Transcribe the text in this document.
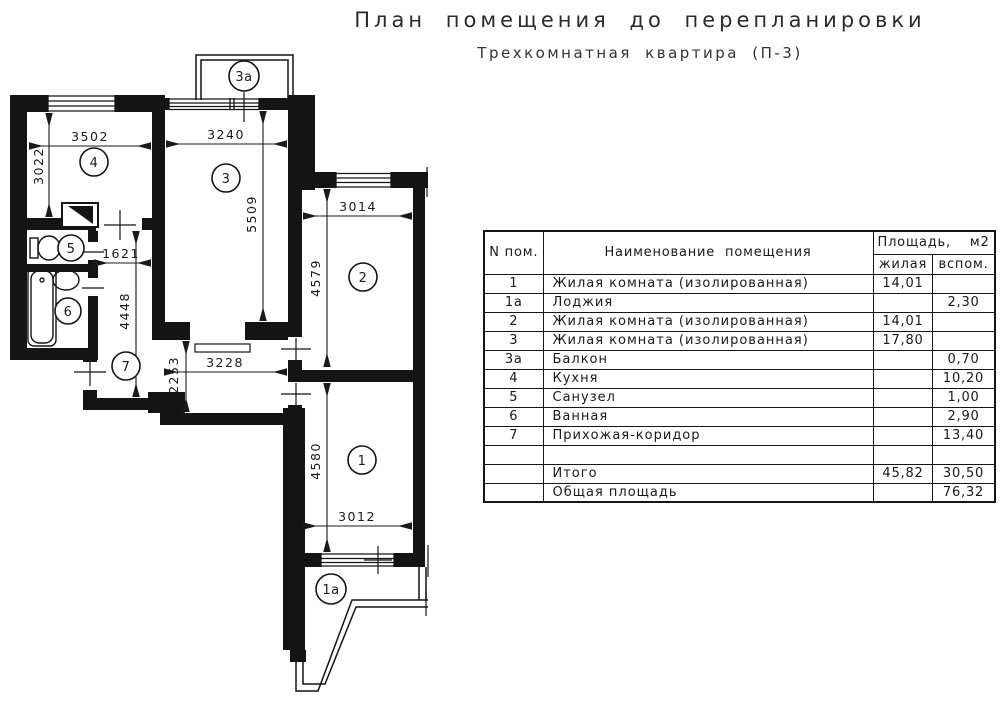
План помещения до перепланировки
Трехкомнатная квартира (П-3)
3502
3022
3240
5509	3014
4579
4580
3012
1621
4448
3228
2253
4
3
3а
2
1
1а
5
6
7
N пом.	Наименование помещения	Площадь, м2	
		жилая	вспом.
1	Жилая комната (изолированная)	14,01	
1а	Лоджия		2,30
2	Жилая комната (изолированная)	14,01	
3	Жилая комната (изолированная)	17,80	
3а	Балкон		0,70
4	Кухня		10,20
5	Санузел		1,00
6	Ванная		2,90
7	Прихожая-коридор		13,40

	Итого	45,82	30,50
	Общая площадь		76,32
